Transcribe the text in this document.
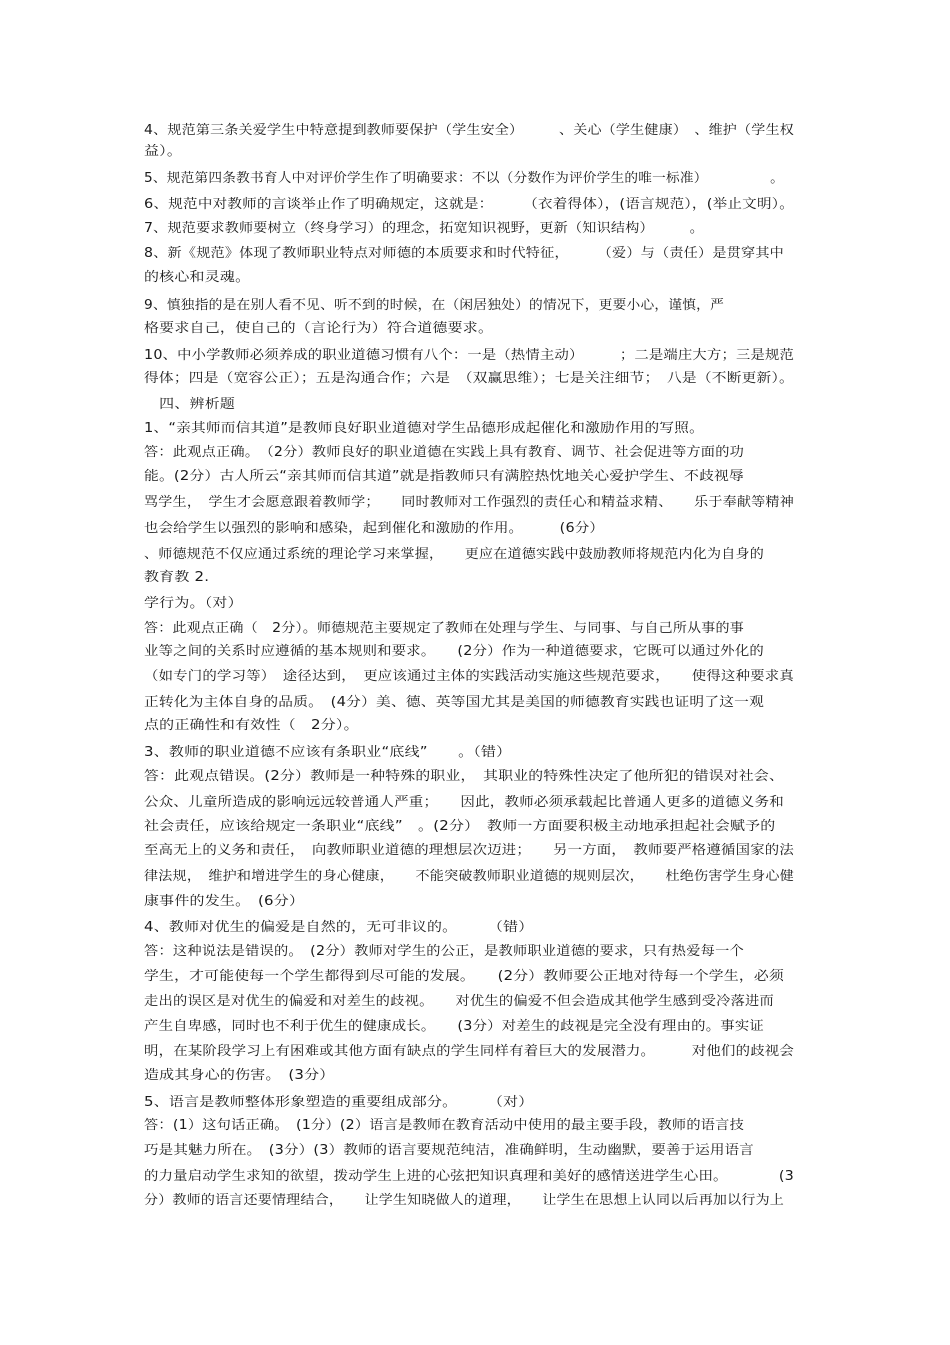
4、规范第三条关爱学生中特意提到教师要保护（学生安全）　　　、关心（学生健康）　、维护（学生权
益）。
5、规范第四条教书育人中对评价学生作了明确要求：不以（分数作为评价学生的唯一标准）　　　　　。
6、规范中对教师的言谈举止作了明确规定，这就是：　　　（衣着得体），(语言规范），(举止文明）。
7、规范要求教师要树立（终身学习）的理念，拓宽知识视野，更新（知识结构）　　　。
8、新《规范》体现了教师职业特点对师德的本质要求和时代特征，　　　（爱）与（责任）是贯穿其中
的核心和灵魂。
9、慎独指的是在别人看不见、听不到的时候，在（闲居独处）的情况下，更要小心，谨慎，严
格要求自己，使自己的（言论行为）符合道德要求。
10、中小学教师必须养成的职业道德习惯有八个：一是（热情主动）　　　；二是端庄大方；三是规范
得体；四是（宽容公正）；五是沟通合作；六是　（双赢思维）；七是关注细节；　八是（不断更新）。
　四、辨析题
1、“亲其师而信其道”是教师良好职业道德对学生品德形成起催化和激励作用的写照。
答：此观点正确。　（2分）教师良好的职业道德在实践上具有教育、调节、社会促进等方面的功
能。(2分）古人所云“亲其师而信其道”就是指教师只有满腔热忱地关心爱护学生、不歧视辱
骂学生，　学生才会愿意跟着教师学；　　同时教师对工作强烈的责任心和精益求精、　　乐于奉献等精神
也会给学生以强烈的影响和感染，起到催化和激励的作用。　　　(6分）
、师德规范不仅应通过系统的理论学习来掌握，　　更应在道德实践中鼓励教师将规范内化为自身的
教育教 2.
学行为。（对）
答：此观点正确（　2分）。师德规范主要规定了教师在处理与学生、与同事、与自己所从事的事
业等之间的关系时应遵循的基本规则和要求。　　(2分）作为一种道德要求，它既可以通过外化的
（如专门的学习等）　途径达到，　更应该通过主体的实践活动实施这些规范要求，　　使得这种要求真
正转化为主体自身的品质。　(4分）美、德、英等国尤其是美国的师德教育实践也证明了这一观
点的正确性和有效性（　2分）。
3、教师的职业道德不应该有条职业“底线”　　。（错）
答：此观点错误。(2分）教师是一种特殊的职业，　其职业的特殊性决定了他所犯的错误对社会、
公众、儿童所造成的影响远远较普通人严重；　　因此，教师必须承载起比普通人更多的道德义务和
社会责任，应该给规定一条职业“底线”　。(2分）　教师一方面要积极主动地承担起社会赋予的
至高无上的义务和责任，　向教师职业道德的理想层次迈进；　　另一方面，　教师要严格遵循国家的法
律法规，　维护和增进学生的身心健康，　　不能突破教师职业道德的规则层次，　　杜绝伤害学生身心健
康事件的发生。　(6分）
4、教师对优生的偏爱是自然的，无可非议的。　　　（错）
答：这种说法是错误的。　(2分）教师对学生的公正，是教师职业道德的要求，只有热爱每一个
学生，才可能使每一个学生都得到尽可能的发展。　　(2分）教师要公正地对待每一个学生，必须
走出的误区是对优生的偏爱和对差生的歧视。　　对优生的偏爱不但会造成其他学生感到受冷落进而
产生自卑感，同时也不利于优生的健康成长。　　(3分）对差生的歧视是完全没有理由的。事实证
明，在某阶段学习上有困难或其他方面有缺点的学生同样有着巨大的发展潜力。　　　对他们的歧视会
造成其身心的伤害。　(3分）
5、语言是教师整体形象塑造的重要组成部分。　　　（对）
答：(1）这句话正确。　(1分）(2）语言是教师在教育活动中使用的最主要手段，教师的语言技
巧是其魅力所在。　(3分）(3）教师的语言要规范纯洁，准确鲜明，生动幽默，要善于运用语言
的力量启动学生求知的欲望，拨动学生上进的心弦把知识真理和美好的感情送进学生心田。　　　　(3
分）教师的语言还要情理结合，　　让学生知晓做人的道理，　　让学生在思想上认同以后再加以行为上
